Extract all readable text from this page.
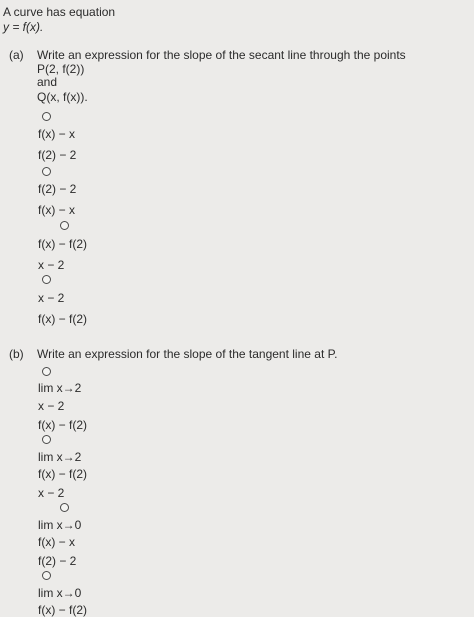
A curve has equation
y = f(x).
(a) Write an expression for the slope of the secant line through the points
P(2, f(2))
and
Q(x, f(x)).
f(x) − x
f(2) − 2
f(2) − 2
f(x) − x
f(x) − f(2)
x − 2
x − 2
f(x) − f(2)
(b) Write an expression for the slope of the tangent line at P.
lim x→2
x − 2
f(x) − f(2)
lim x→2
f(x) − f(2)
x − 2
lim x→0
f(x) − x
f(2) − 2
lim x→0
f(x) − f(2)
